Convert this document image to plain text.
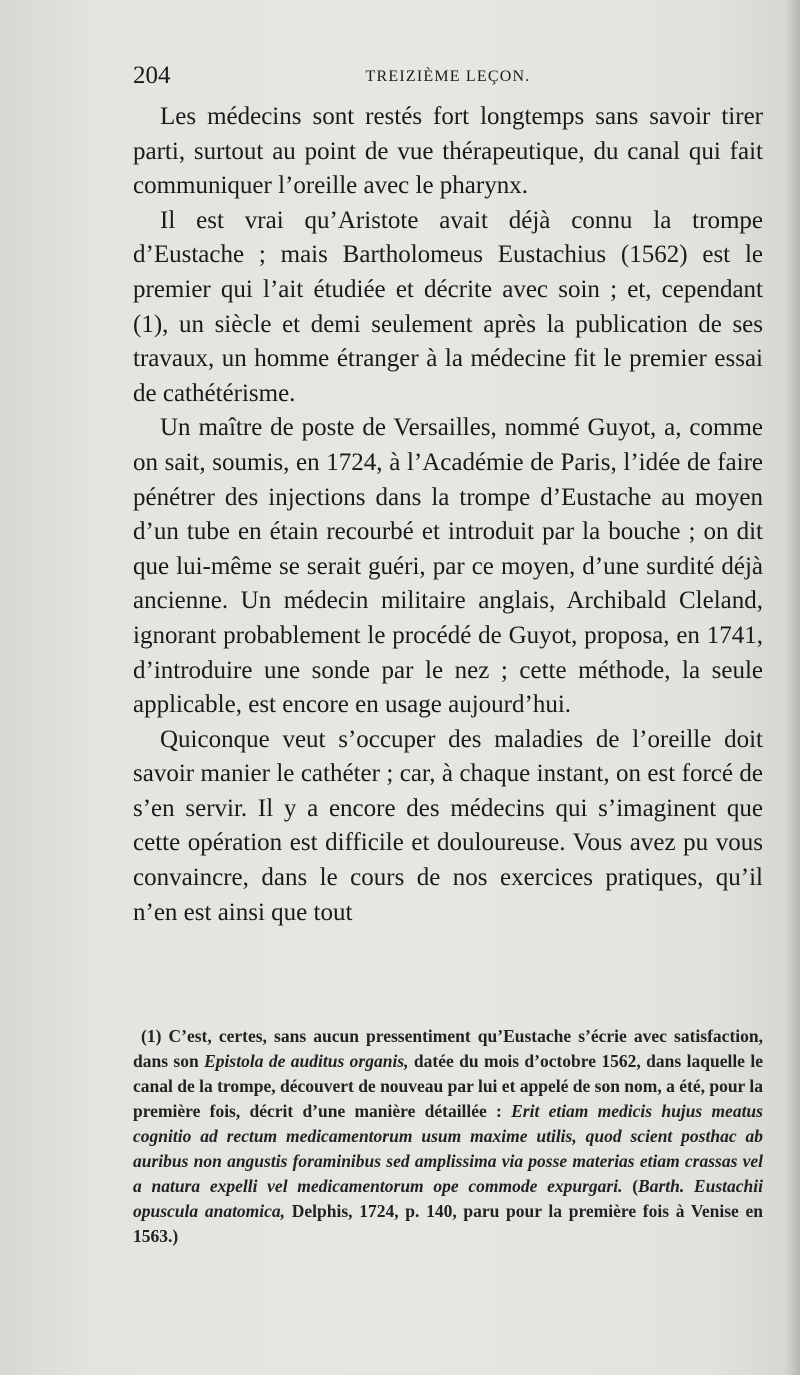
204	TREIZIÈME LEÇON.

Les médecins sont restés fort longtemps sans savoir tirer parti, surtout au point de vue thérapeutique, du canal qui fait communiquer l’oreille avec le pharynx.

Il est vrai qu’Aristote avait déjà connu la trompe d’Eustache ; mais Bartholomeus Eustachius (1562) est le premier qui l’ait étudiée et décrite avec soin ; et, cependant (1), un siècle et demi seulement après la publication de ses travaux, un homme étranger à la médecine fit le premier essai de cathétérisme.

Un maître de poste de Versailles, nommé Guyot, a, comme on sait, soumis, en 1724, à l’Académie de Paris, l’idée de faire pénétrer des injections dans la trompe d’Eustache au moyen d’un tube en étain recourbé et introduit par la bouche ; on dit que lui-même se serait guéri, par ce moyen, d’une surdité déjà ancienne. Un médecin militaire anglais, Archibald Cleland, ignorant probablement le procédé de Guyot, proposa, en 1741, d’introduire une sonde par le nez ; cette méthode, la seule applicable, est encore en usage aujourd’hui.

Quiconque veut s’occuper des maladies de l’oreille doit savoir manier le cathéter ; car, à chaque instant, on est forcé de s’en servir. Il y a encore des médecins qui s’imaginent que cette opération est difficile et douloureuse. Vous avez pu vous convaincre, dans le cours de nos exercices pratiques, qu’il n’en est ainsi que tout

(1) C’est, certes, sans aucun pressentiment qu’Eustache s’écrie avec satisfaction, dans son Epistola de auditus organis, datée du mois d’octobre 1562, dans laquelle le canal de la trompe, découvert de nouveau par lui et appelé de son nom, a été, pour la première fois, décrit d’une manière détaillée : Erit etiam medicis hujus meatus cognitio ad rectum medicamentorum usum maxime utilis, quod scient posthac ab auribus non angustis foraminibus sed amplissima via posse materias etiam crassas vel a natura expelli vel medicamentorum ope commode expurgari. (Barth. Eustachii opuscula anatomica, Delphis, 1724, p. 140, paru pour la première fois à Venise en 1563.)
